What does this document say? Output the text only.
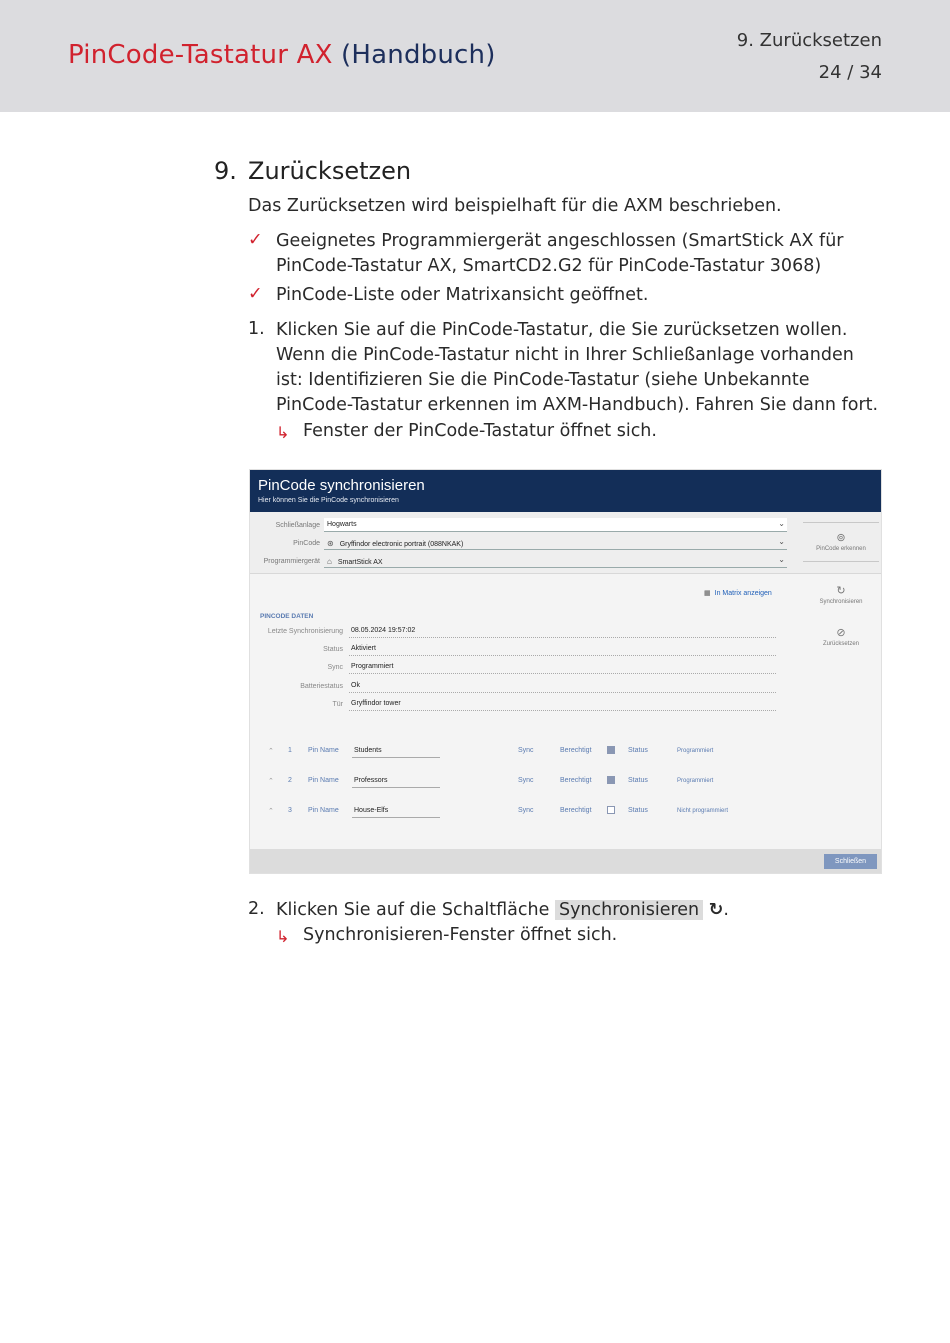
PinCode-Tastatur AX (Handbuch)	9. Zurücksetzen
24 / 34
9. Zurücksetzen
Das Zurücksetzen wird beispielhaft für die AXM beschrieben.
✓ Geeignetes Programmiergerät angeschlossen (SmartStick AX für PinCode-Tastatur AX, SmartCD2.G2 für PinCode-Tastatur 3068)
✓ PinCode-Liste oder Matrixansicht geöffnet.
1. Klicken Sie auf die PinCode-Tastatur, die Sie zurücksetzen wollen. Wenn die PinCode-Tastatur nicht in Ihrer Schließanlage vorhanden ist: Identifizieren Sie die PinCode-Tastatur (siehe Unbekannte PinCode-Tastatur erkennen im AXM-Handbuch). Fahren Sie dann fort.
↳ Fenster der PinCode-Tastatur öffnet sich.
PinCode synchronisieren
Hier können Sie die PinCode synchronisieren
Schließanlage	Hogwarts	⌄
PinCode ⊛ Gryffindor electronic portrait (088NKAK)	⌄
Programmiergerät ⌂ SmartStick AX	⌄
⊚
PinCode erkennen
↻
Synchronisieren
⊘
Zurücksetzen
▦ In Matrix anzeigen
PINCODE DATEN
Letzte Synchronisierung 08.05.2024 19:57:02
Status Aktiviert
Sync Programmiert
Batteriestatus Ok
Tür Gryffindor tower
⌃ 1 Pin Name Students	Sync	Berechtigt	Status	Programmiert
⌃ 2 Pin Name Professors	Sync	Berechtigt	Status	Programmiert
⌃ 3 Pin Name House-Elfs	Sync	Berechtigt	Status	Nicht programmiert
Schließen
2. Klicken Sie auf die Schaltfläche Synchronisieren ↻.
↳ Synchronisieren-Fenster öffnet sich.
